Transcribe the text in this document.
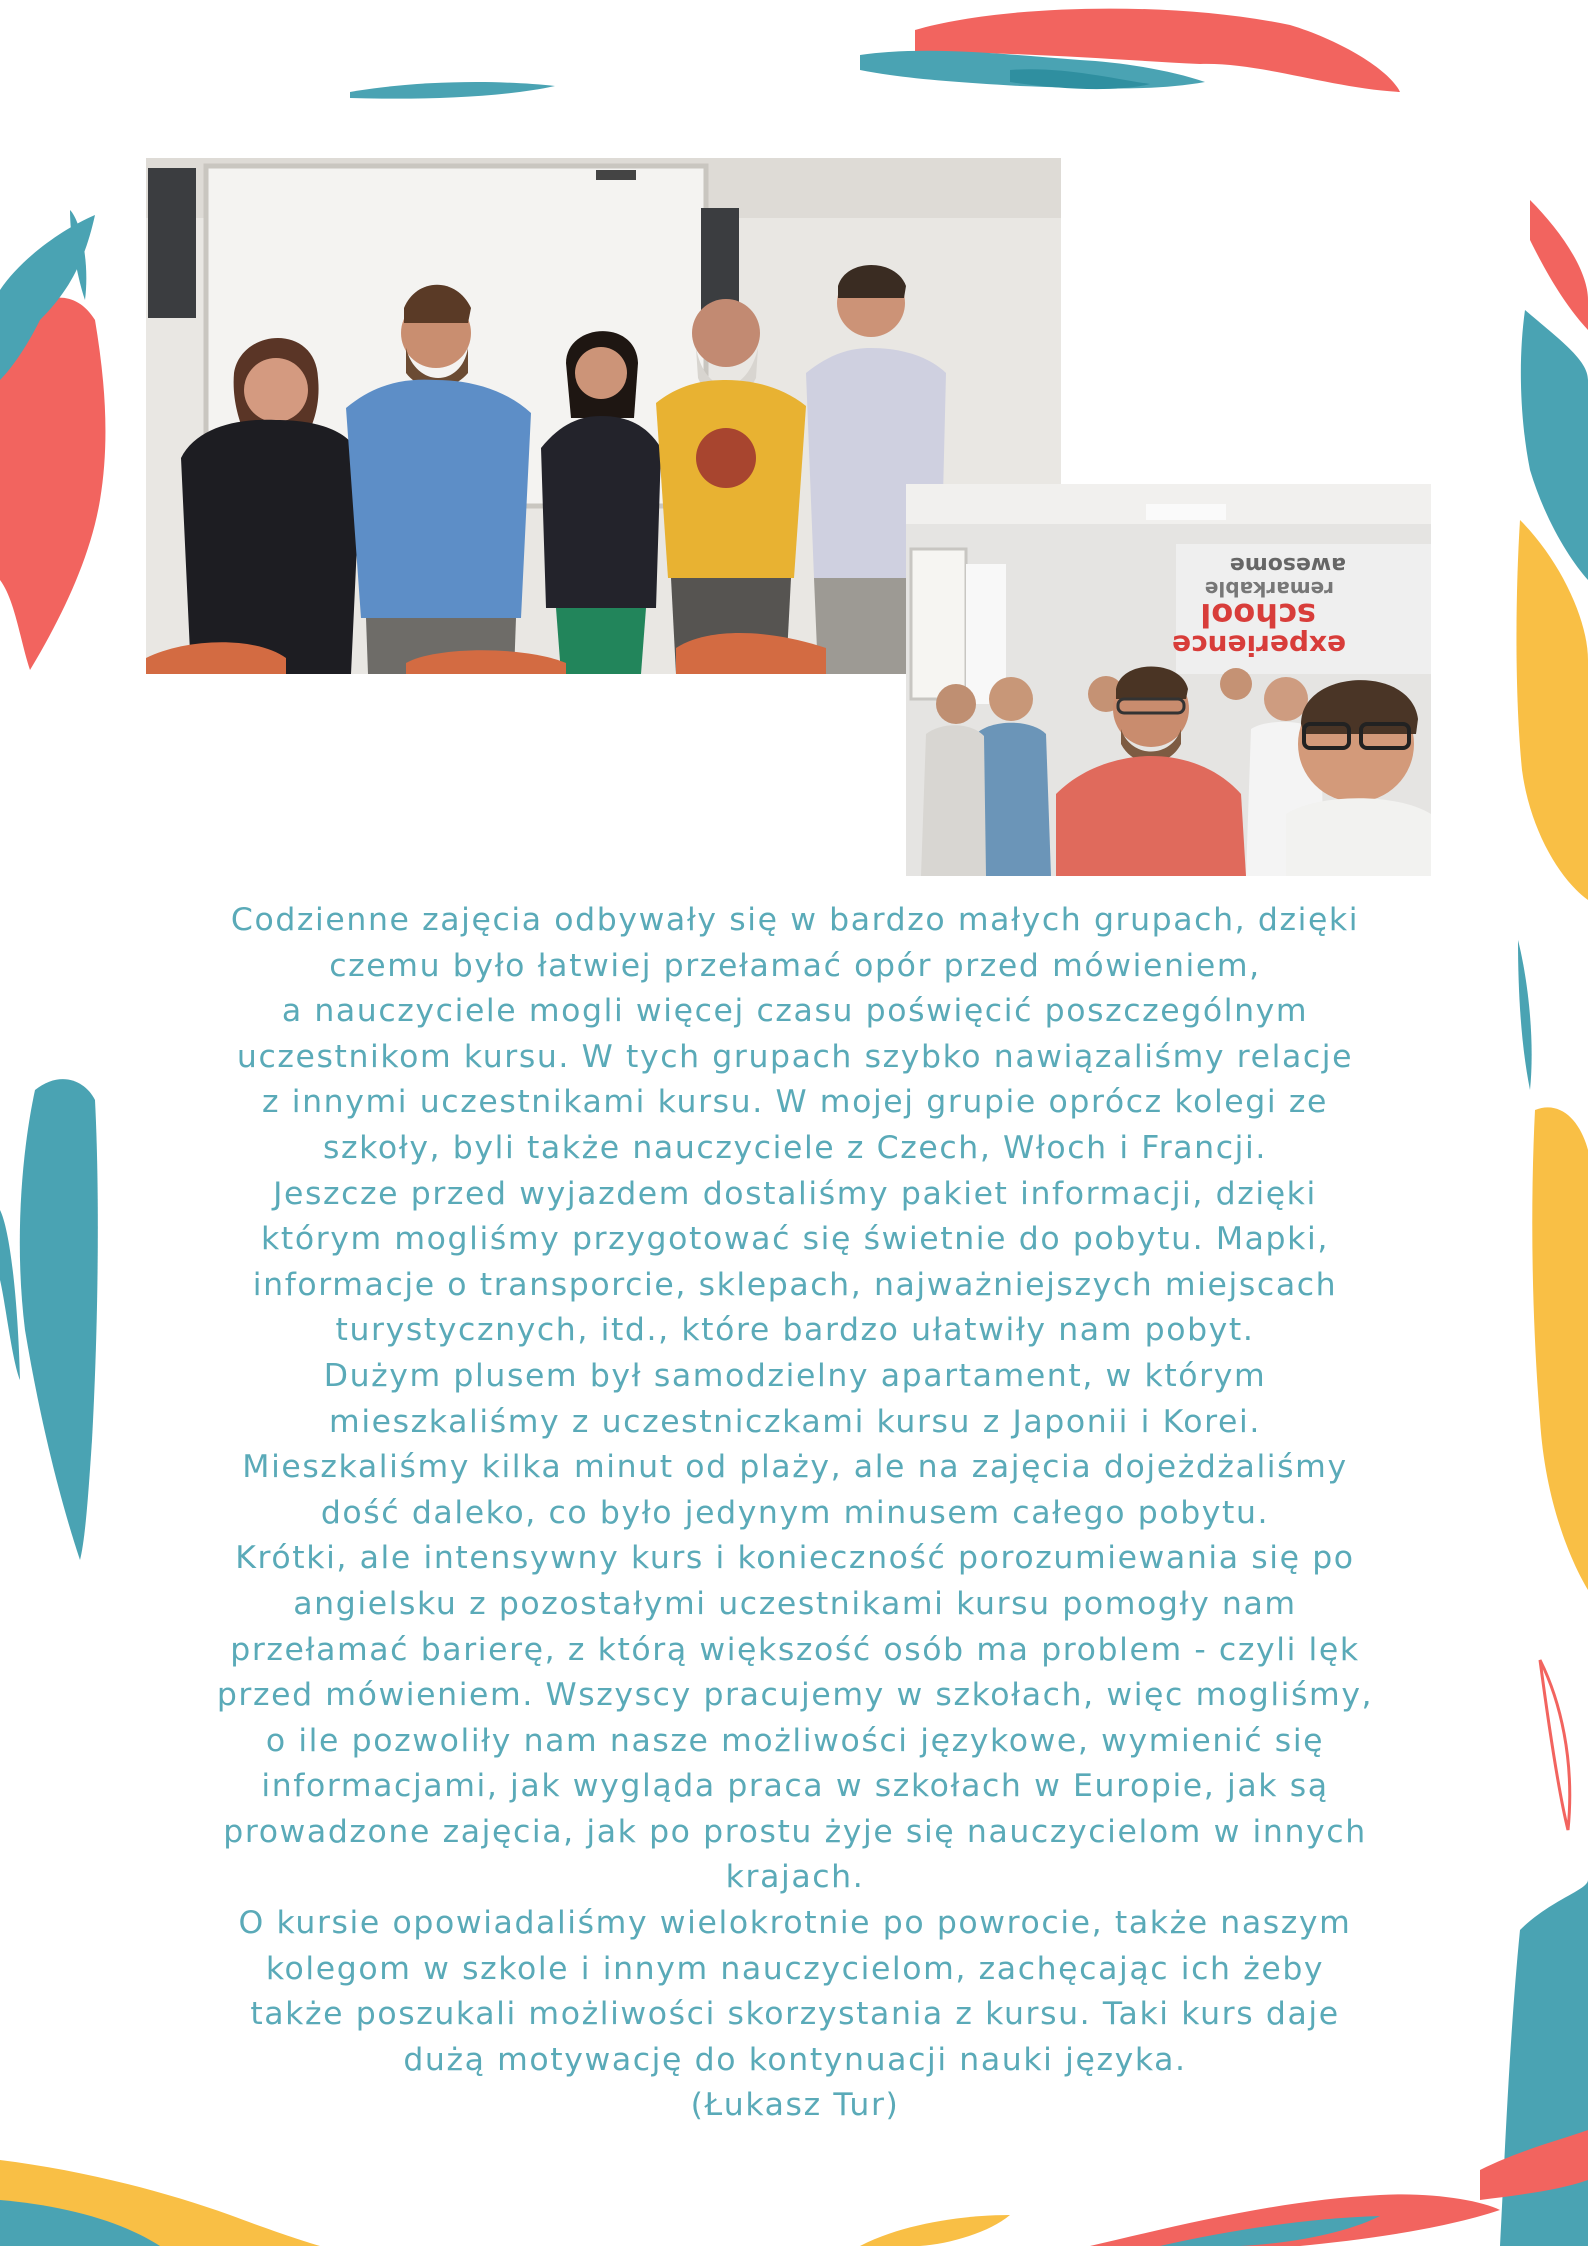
awesome
remarkable
school
experience

Codzienne zajęcia odbywały się w bardzo małych grupach, dzięki
czemu było łatwiej przełamać opór przed mówieniem,
a nauczyciele mogli więcej czasu poświęcić poszczególnym
uczestnikom kursu. W tych grupach szybko nawiązaliśmy relacje
z innymi uczestnikami kursu. W mojej grupie oprócz kolegi ze
szkoły, byli także nauczyciele z Czech, Włoch i Francji.

Jeszcze przed wyjazdem dostaliśmy pakiet informacji, dzięki
którym mogliśmy przygotować się świetnie do pobytu. Mapki,
informacje o transporcie, sklepach, najważniejszych miejscach
turystycznych, itd., które bardzo ułatwiły nam pobyt.

Dużym plusem był samodzielny apartament, w którym
mieszkaliśmy z uczestniczkami kursu z Japonii i Korei.
Mieszkaliśmy kilka minut od plaży, ale na zajęcia dojeżdżaliśmy
dość daleko, co było jedynym minusem całego pobytu.

Krótki, ale intensywny kurs i konieczność porozumiewania się po
angielsku z pozostałymi uczestnikami kursu pomogły nam
przełamać barierę, z którą większość osób ma problem - czyli lęk
przed mówieniem. Wszyscy pracujemy w szkołach, więc mogliśmy,
o ile pozwoliły nam nasze możliwości językowe, wymienić się
informacjami, jak wygląda praca w szkołach w Europie, jak są
prowadzone zajęcia, jak po prostu żyje się nauczycielom w innych
krajach.

O kursie opowiadaliśmy wielokrotnie po powrocie, także naszym
kolegom w szkole i innym nauczycielom, zachęcając ich żeby
także poszukali możliwości skorzystania z kursu. Taki kurs daje
dużą motywację do kontynuacji nauki języka.

(Łukasz Tur)
